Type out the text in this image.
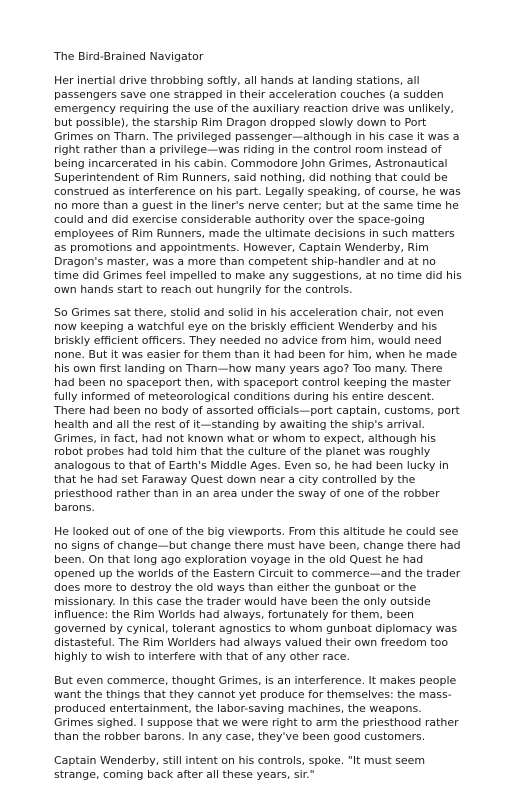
The Bird-Brained Navigator

Her inertial drive throbbing softly, all hands at landing stations, all passengers save one strapped in their acceleration couches (a sudden emergency requiring the use of the auxiliary reaction drive was unlikely, but possible), the starship Rim Dragon dropped slowly down to Port Grimes on Tharn. The privileged passenger—although in his case it was a right rather than a privilege—was riding in the control room instead of being incarcerated in his cabin. Commodore John Grimes, Astronautical Superintendent of Rim Runners, said nothing, did nothing that could be construed as interference on his part. Legally speaking, of course, he was no more than a guest in the liner's nerve center; but at the same time he could and did exercise considerable authority over the space-going employees of Rim Runners, made the ultimate decisions in such matters as promotions and appointments. However, Captain Wenderby, Rim Dragon's master, was a more than competent ship-handler and at no time did Grimes feel impelled to make any suggestions, at no time did his own hands start to reach out hungrily for the controls.

So Grimes sat there, stolid and solid in his acceleration chair, not even now keeping a watchful eye on the briskly efficient Wenderby and his briskly efficient officers. They needed no advice from him, would need none. But it was easier for them than it had been for him, when he made his own first landing on Tharn—how many years ago? Too many. There had been no spaceport then, with spaceport control keeping the master fully informed of meteorological conditions during his entire descent. There had been no body of assorted officials—port captain, customs, port health and all the rest of it—standing by awaiting the ship's arrival. Grimes, in fact, had not known what or whom to expect, although his robot probes had told him that the culture of the planet was roughly analogous to that of Earth's Middle Ages. Even so, he had been lucky in that he had set Faraway Quest down near a city controlled by the priesthood rather than in an area under the sway of one of the robber barons.

He looked out of one of the big viewports. From this altitude he could see no signs of change—but change there must have been, change there had been. On that long ago exploration voyage in the old Quest he had opened up the worlds of the Eastern Circuit to commerce—and the trader does more to destroy the old ways than either the gunboat or the missionary. In this case the trader would have been the only outside influence: the Rim Worlds had always, fortunately for them, been governed by cynical, tolerant agnostics to whom gunboat diplomacy was distasteful. The Rim Worlders had always valued their own freedom too highly to wish to interfere with that of any other race.

But even commerce, thought Grimes, is an interference. It makes people want the things that they cannot yet produce for themselves: the mass-produced entertainment, the labor-saving machines, the weapons. Grimes sighed. I suppose that we were right to arm the priesthood rather than the robber barons. In any case, they've been good customers.

Captain Wenderby, still intent on his controls, spoke. "It must seem strange, coming back after all these years, sir."
